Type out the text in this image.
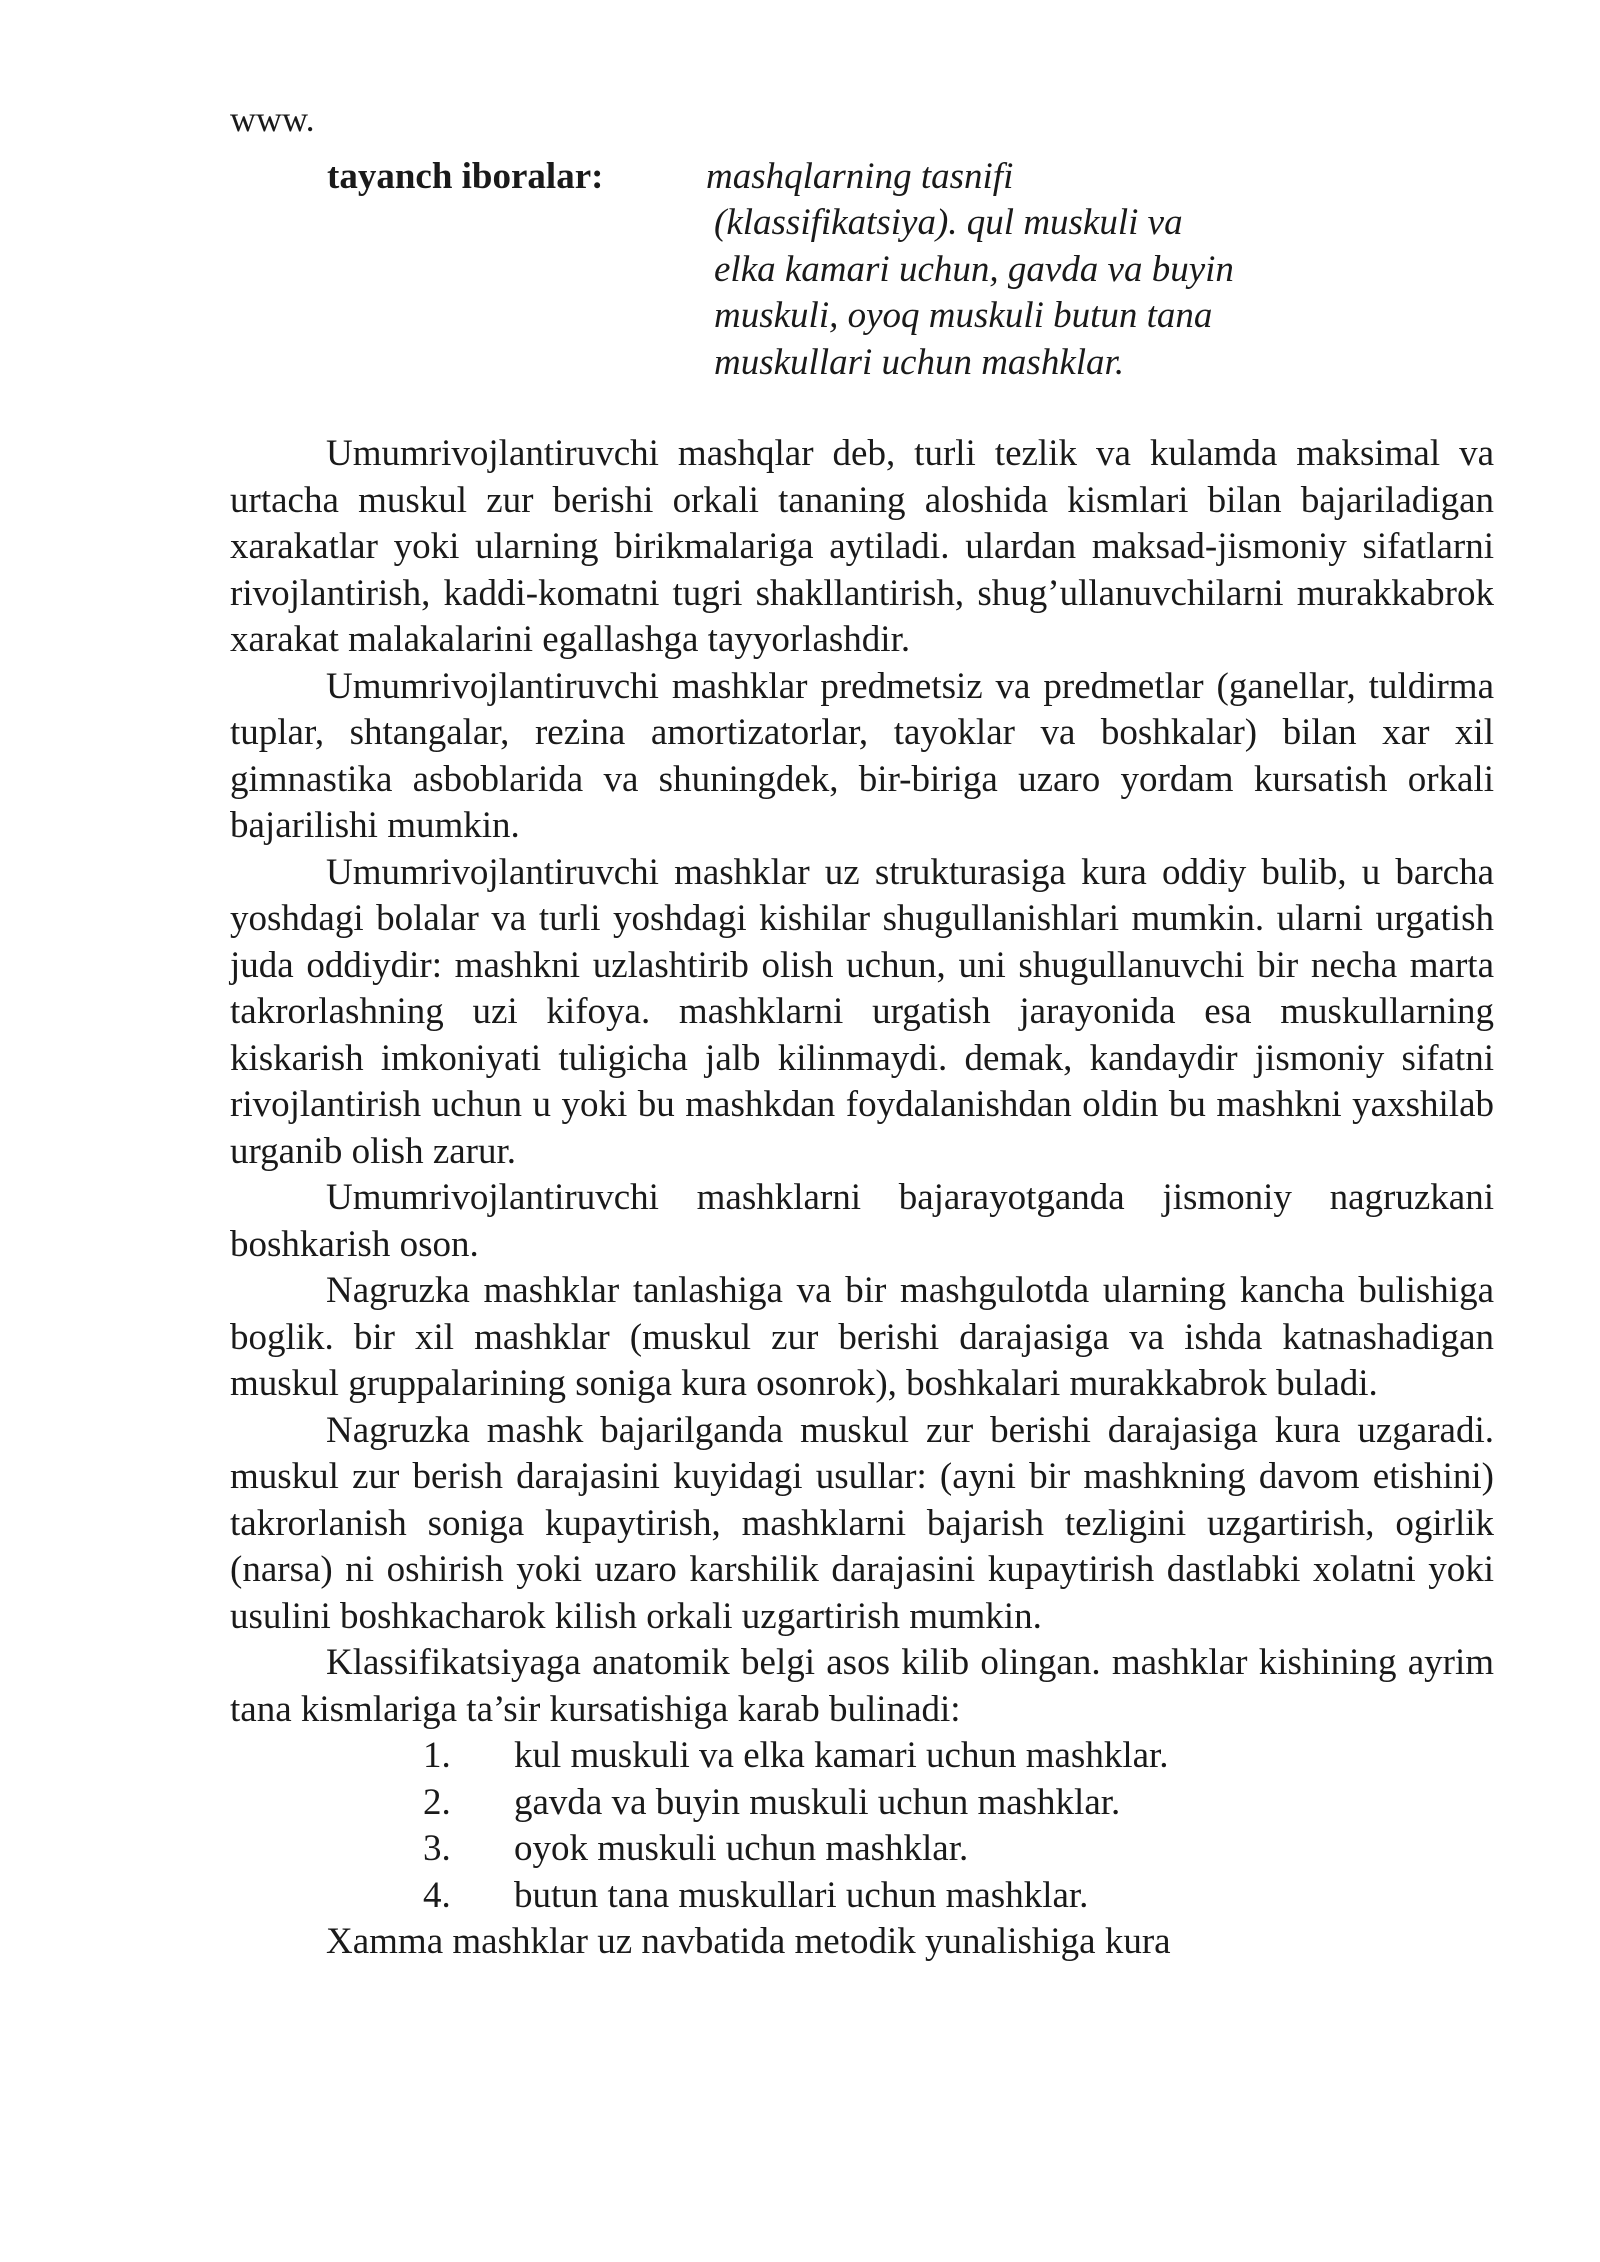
www.
tayanch iboralar:	mashqlarning tasnifi
(klassifikatsiya). qul muskuli va
elka kamari uchun, gavda va buyin
muskuli, oyoq muskuli butun tana
muskullari uchun mashklar.

Umumrivojlantiruvchi mashqlar deb, turli tezlik va kulamda maksimal va urtacha muskul zur berishi orkali tananing aloshida kismlari bilan bajariladigan xarakatlar yoki ularning birikmalariga aytiladi. ulardan maksad-jismoniy sifatlarni rivojlantirish, kaddi-komatni tugri shakllantirish, shug’ullanuvchilarni murakkabrok xarakat malakalarini egallashga tayyorlashdir.

Umumrivojlantiruvchi mashklar predmetsiz va predmetlar (ganellar, tuldirma tuplar, shtangalar, rezina amortizatorlar, tayoklar va boshkalar) bilan xar xil gimnastika asboblarida va shuningdek, bir-biriga uzaro yordam kursatish orkali bajarilishi mumkin.

Umumrivojlantiruvchi mashklar uz strukturasiga kura oddiy bulib, u barcha yoshdagi bolalar va turli yoshdagi kishilar shugullanishlari mumkin. ularni urgatish juda oddiydir: mashkni uzlashtirib olish uchun, uni shugullanuvchi bir necha marta takrorlashning uzi kifoya. mashklarni urgatish jarayonida esa muskullarning kiskarish imkoniyati tuligicha jalb kilinmaydi. demak, kandaydir jismoniy sifatni rivojlantirish uchun u yoki bu mashkdan foydalanishdan oldin bu mashkni yaxshilab urganib olish zarur.

Umumrivojlantiruvchi mashklarni bajarayotganda jismoniy nagruzkani boshkarish oson.

Nagruzka mashklar tanlashiga va bir mashgulotda ularning kancha bulishiga boglik. bir xil mashklar (muskul zur berishi darajasiga va ishda katnashadigan muskul gruppalarining soniga kura osonrok), boshkalari murakkabrok buladi.

Nagruzka mashk bajarilganda muskul zur berishi darajasiga kura uzgaradi. muskul zur berish darajasini kuyidagi usullar: (ayni bir mashkning davom etishini) takrorlanish soniga kupaytirish, mashklarni bajarish tezligini uzgartirish, ogirlik (narsa) ni oshirish yoki uzaro karshilik darajasini kupaytirish dastlabki xolatni yoki usulini boshkacharok kilish orkali uzgartirish mumkin.

Klassifikatsiyaga anatomik belgi asos kilib olingan. mashklar kishining ayrim tana kismlariga ta’sir kursatishiga karab bulinadi:

1.	kul muskuli va elka kamari uchun mashklar.
2.	gavda va buyin muskuli uchun mashklar.
3.	oyok muskuli uchun mashklar.
4.	butun tana muskullari uchun mashklar.

Xamma mashklar uz navbatida metodik yunalishiga kura
